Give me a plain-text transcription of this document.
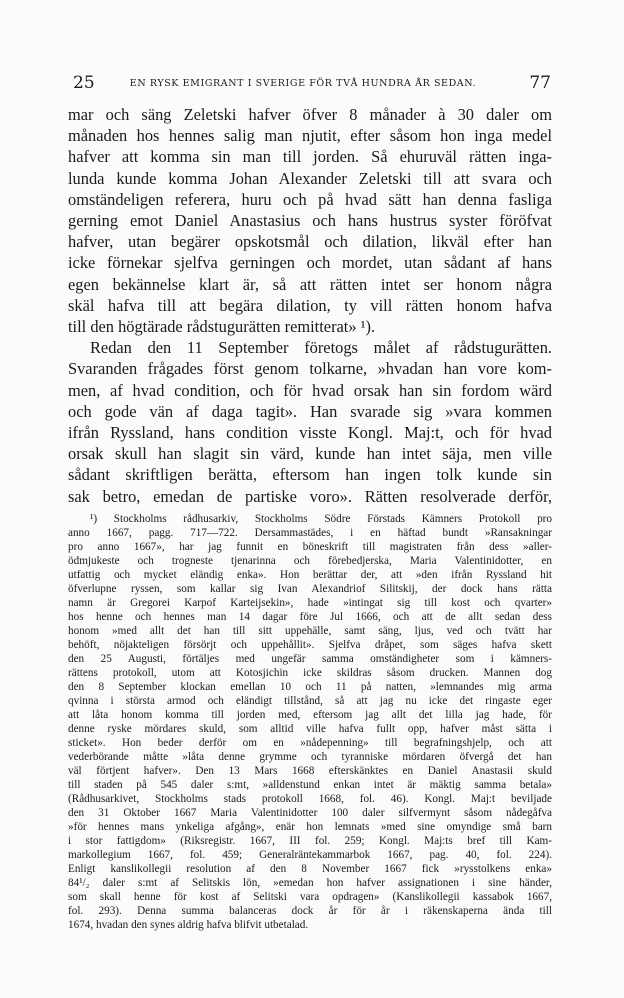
25	EN RYSK EMIGRANT I SVERIGE FÖR TVÅ HUNDRA ÅR SEDAN.	77
mar och säng Zeletski hafver öfver 8 månader à 30 daler om
månaden hos hennes salig man njutit, efter såsom hon inga medel
hafver att komma sin man till jorden. Så ehuruväl rätten inga-
lunda kunde komma Johan Alexander Zeletski till att svara och
omständeligen referera, huru och på hvad sätt han denna fasliga
gerning emot Daniel Anastasius och hans hustrus syster föröfvat
hafver, utan begärer opskotsmål och dilation, likväl efter han
icke förnekar sjelfva gerningen och mordet, utan sådant af hans
egen bekännelse klart är, så att rätten intet ser honom några
skäl hafva till att begära dilation, ty vill rätten honom hafva
till den högtärade rådstugurätten remitterat» ¹).
Redan den 11 September företogs målet af rådstugurätten.
Svaranden frågades först genom tolkarne, »hvadan han vore kom-
men, af hvad condition, och för hvad orsak han sin fordom wärd
och gode vän af daga tagit». Han svarade sig »vara kommen
ifrån Ryssland, hans condition visste Kongl. Maj:t, och för hvad
orsak skull han slagit sin värd, kunde han intet säja, men ville
sådant skriftligen berätta, eftersom han ingen tolk kunde sin
sak betro, emedan de partiske voro». Rätten resolverade derför,
¹) Stockholms rådhusarkiv, Stockholms Södre Förstads Kämners Protokoll pro
anno 1667, pagg. 717—722. Dersammastädes, i en häftad bundt »Ransakningar
pro anno 1667», har jag funnit en böneskrift till magistraten från dess »aller-
ödmjukeste och trogneste tjenarinna och förebedjerska, Maria Valentinidotter, en
utfattig och mycket eländig enka». Hon berättar der, att »den ifrån Ryssland hit
öfverlupne ryssen, som kallar sig Ivan Alexandriof Silitskij, der dock hans rätta
namn är Gregorei Karpof Karteijsekin», hade »intingat sig till kost och qvarter»
hos henne och hennes man 14 dagar före Jul 1666, och att de allt sedan dess
honom »med allt det han till sitt uppehälle, samt säng, ljus, ved och tvätt har
behöft, nöjakteligen försörjt och uppehållit». Sjelfva dråpet, som säges hafva skett
den 25 Augusti, förtäljes med ungefär samma omständigheter som i kämners-
rättens protokoll, utom att Kotosjichin icke skildras såsom drucken. Mannen dog
den 8 September klockan emellan 10 och 11 på natten, »lemnandes mig arma
qvinna i största armod och eländigt tillstånd, så att jag nu icke det ringaste eger
att låta honom komma till jorden med, eftersom jag allt det lilla jag hade, för
denne ryske mördares skuld, som alltid ville hafva fullt opp, hafver måst sätta i
sticket». Hon beder derför om en »nådepenning» till begrafningshjelp, och att
vederbörande måtte »låta denne grymme och tyranniske mördaren öfvergå det han
väl förtjent hafver». Den 13 Mars 1668 efterskänktes en Daniel Anastasii skuld
till staden på 545 daler s:mt, »alldenstund enkan intet är mäktig samma betala»
(Rådhusarkivet, Stockholms stads protokoll 1668, fol. 46). Kongl. Maj:t beviljade
den 31 Oktober 1667 Maria Valentinidotter 100 daler silfvermynt såsom nådegåfva
»för hennes mans ynkeliga afgång», enär hon lemnats »med sine omyndige små barn
i stor fattigdom» (Riksregistr. 1667, III fol. 259; Kongl. Maj:ts bref till Kam-
markollegium 1667, fol. 459; Generalräntekammarbok 1667, pag. 40, fol. 224).
Enligt kanslikollegii resolution af den 8 November 1667 fick »rysstolkens enka»
84¹/₂ daler s:mt af Selitskis lön, »emedan hon hafver assignationen i sine händer,
som skall henne för kost af Selitski vara opdragen» (Kanslikollegii kassabok 1667,
fol. 293). Denna summa balanceras dock år för år i räkenskaperna ända till
1674, hvadan den synes aldrig hafva blifvit utbetalad.
